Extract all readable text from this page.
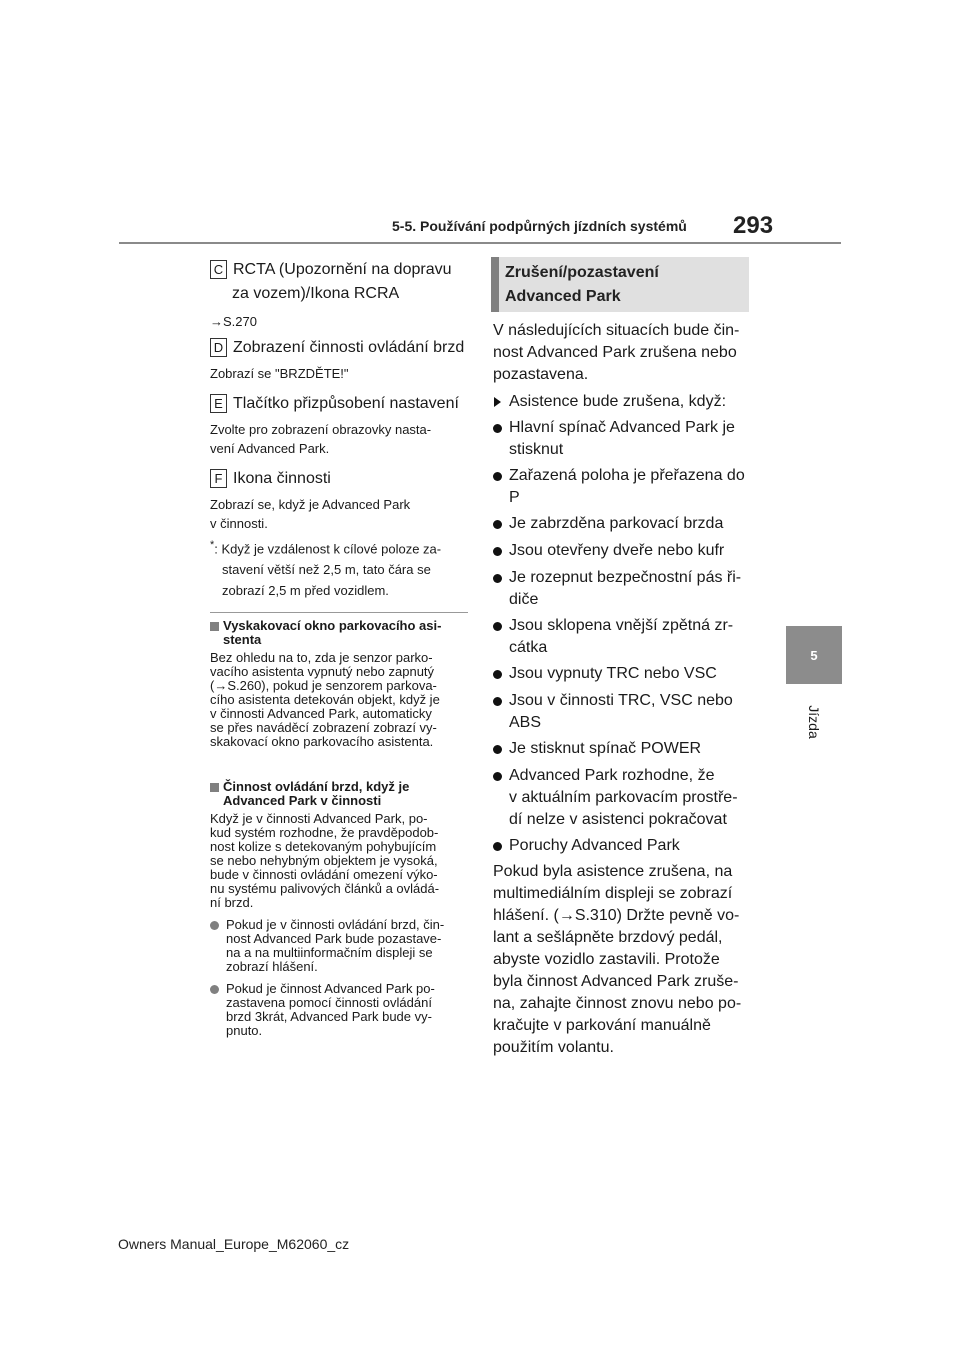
5-5. Používání podpůrných jízdních systémů 293
5
Jízda
C RCTA (Upozornění na dopravu
za vozem)/Ikona RCRA
→S.270
D Zobrazení činnosti ovládání brzd
Zobrazí se "BRZDĚTE!"
E Tlačítko přizpůsobení nastavení
Zvolte pro zobrazení obrazovky nasta-
vení Advanced Park.
F Ikona činnosti
Zobrazí se, když je Advanced Park
v činnosti.
*: Když je vzdálenost k cílové poloze za-
stavení větší než 2,5 m, tato čára se
zobrazí 2,5 m před vozidlem.
Vyskakovací okno parkovacího asi-
stenta
Bez ohledu na to, zda je senzor parko-
vacího asistenta vypnutý nebo zapnutý
(→S.260), pokud je senzorem parkova-
cího asistenta detekován objekt, když je
v činnosti Advanced Park, automaticky
se přes naváděcí zobrazení zobrazí vy-
skakovací okno parkovacího asistenta.
Činnost ovládání brzd, když je
Advanced Park v činnosti
Když je v činnosti Advanced Park, po-
kud systém rozhodne, že pravděpodob-
nost kolize s detekovaným pohybujícím
se nebo nehybným objektem je vysoká,
bude v činnosti ovládání omezení výko-
nu systému palivových článků a ovládá-
ní brzd.
Pokud je v činnosti ovládání brzd, čin-
nost Advanced Park bude pozastave-
na a na multiinformačním displeji se
zobrazí hlášení.
Pokud je činnost Advanced Park po-
zastavena pomocí činnosti ovládání
brzd 3krát, Advanced Park bude vy-
pnuto.
Zrušení/pozastavení
Advanced Park
V následujících situacích bude čin-
nost Advanced Park zrušena nebo
pozastavena.
Asistence bude zrušena, když:
Hlavní spínač Advanced Park je
stisknut
Zařazená poloha je přeřazena do
P
Je zabrzděna parkovací brzda
Jsou otevřeny dveře nebo kufr
Je rozepnut bezpečnostní pás ři-
diče
Jsou sklopena vnější zpětná zr-
cátka
Jsou vypnuty TRC nebo VSC
Jsou v činnosti TRC, VSC nebo
ABS
Je stisknut spínač POWER
Advanced Park rozhodne, že
v aktuálním parkovacím prostře-
dí nelze v asistenci pokračovat
Poruchy Advanced Park
Pokud byla asistence zrušena, na
multimediálním displeji se zobrazí
hlášení. (→S.310) Držte pevně vo-
lant a sešlápněte brzdový pedál,
abyste vozidlo zastavili. Protože
byla činnost Advanced Park zruše-
na, zahajte činnost znovu nebo po-
kračujte v parkování manuálně
použitím volantu.
Owners Manual_Europe_M62060_cz
